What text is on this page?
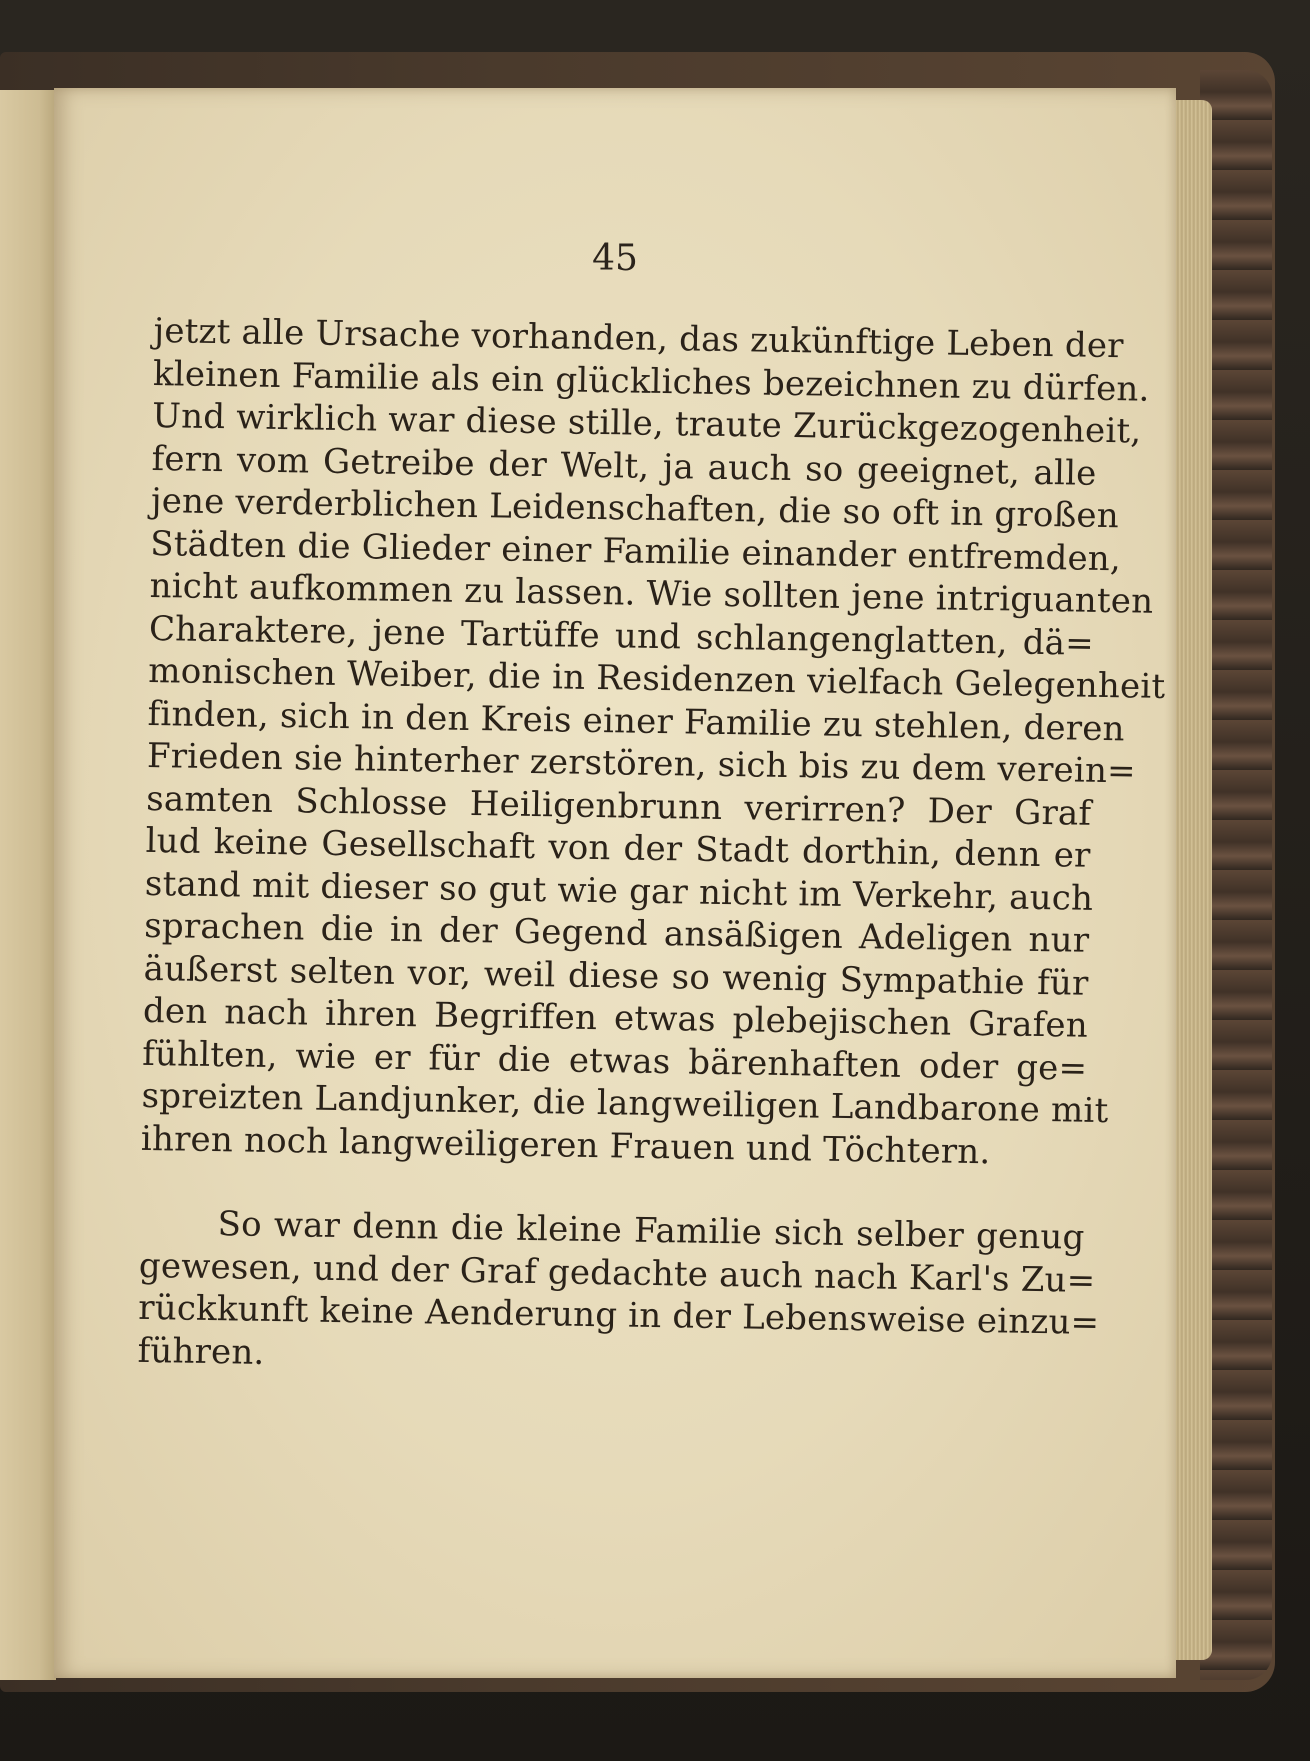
45
jetzt alle Ursache vorhanden, das zukünftige Leben der
kleinen Familie als ein glückliches bezeichnen zu dürfen.
Und wirklich war diese stille, traute Zurückgezogenheit,
fern vom Getreibe der Welt, ja auch so geeignet, alle
jene verderblichen Leidenschaften, die so oft in großen
Städten die Glieder einer Familie einander entfremden,
nicht aufkommen zu lassen. Wie sollten jene intriguanten
Charaktere, jene Tartüffe und schlangenglatten, dä=
monischen Weiber, die in Residenzen vielfach Gelegenheit
finden, sich in den Kreis einer Familie zu stehlen, deren
Frieden sie hinterher zerstören, sich bis zu dem verein=
samten Schlosse Heiligenbrunn verirren? Der Graf
lud keine Gesellschaft von der Stadt dorthin, denn er
stand mit dieser so gut wie gar nicht im Verkehr, auch
sprachen die in der Gegend ansäßigen Adeligen nur
äußerst selten vor, weil diese so wenig Sympathie für
den nach ihren Begriffen etwas plebejischen Grafen
fühlten, wie er für die etwas bärenhaften oder ge=
spreizten Landjunker, die langweiligen Landbarone mit
ihren noch langweiligeren Frauen und Töchtern.
So war denn die kleine Familie sich selber genug
gewesen, und der Graf gedachte auch nach Karl's Zu=
rückkunft keine Aenderung in der Lebensweise einzu=
führen.
